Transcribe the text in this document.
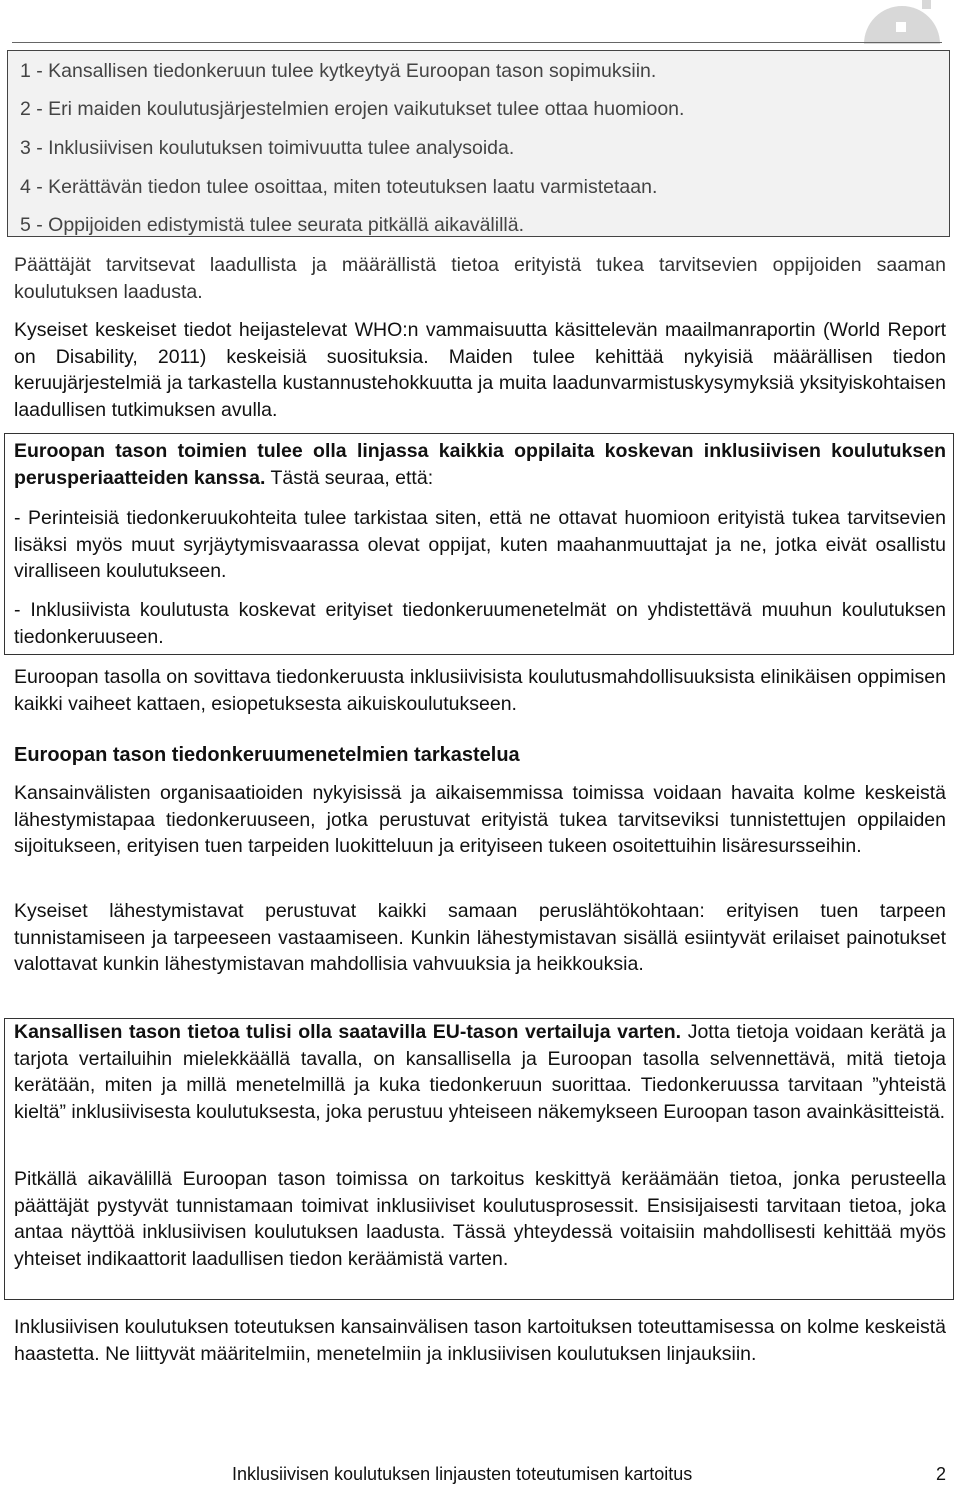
1 - Kansallisen tiedonkeruun tulee kytkeytyä Euroopan tason sopimuksiin.
2 - Eri maiden koulutusjärjestelmien erojen vaikutukset tulee ottaa huomioon.
3 - Inklusiivisen koulutuksen toimivuutta tulee analysoida.
4 - Kerättävän tiedon tulee osoittaa, miten toteutuksen laatu varmistetaan.
5 - Oppijoiden edistymistä tulee seurata pitkällä aikavälillä.

Päättäjät tarvitsevat laadullista ja määrällistä tietoa erityistä tukea tarvitsevien oppijoiden saaman koulutuksen laadusta.

Kyseiset keskeiset tiedot heijastelevat WHO:n vammaisuutta käsittelevän maailmanraportin (World Report on Disability, 2011) keskeisiä suosituksia. Maiden tulee kehittää nykyisiä määrällisen tiedon keruujärjestelmiä ja tarkastella kustannustehokkuutta ja muita laadunvarmistuskysymyksiä yksityiskohtaisen laadullisen tutkimuksen avulla.

Euroopan tason toimien tulee olla linjassa kaikkia oppilaita koskevan inklusiivisen koulutuksen perusperiaatteiden kanssa. Tästä seuraa, että:

- Perinteisiä tiedonkeruukohteita tulee tarkistaa siten, että ne ottavat huomioon erityistä tukea tarvitsevien lisäksi myös muut syrjäytymisvaarassa olevat oppijat, kuten maahanmuuttajat ja ne, jotka eivät osallistu viralliseen koulutukseen.

- Inklusiivista koulutusta koskevat erityiset tiedonkeruumenetelmät on yhdistettävä muuhun koulutuksen tiedonkeruuseen.

Euroopan tasolla on sovittava tiedonkeruusta inklusiivisista koulutusmahdollisuuksista elinikäisen oppimisen kaikki vaiheet kattaen, esiopetuksesta aikuiskoulutukseen.

Euroopan tason tiedonkeruumenetelmien tarkastelua

Kansainvälisten organisaatioiden nykyisissä ja aikaisemmissa toimissa voidaan havaita kolme keskeistä lähestymistapaa tiedonkeruuseen, jotka perustuvat erityistä tukea tarvitseviksi tunnistettujen oppilaiden sijoitukseen, erityisen tuen tarpeiden luokitteluun ja erityiseen tukeen osoitettuihin lisäresursseihin.

Kyseiset lähestymistavat perustuvat kaikki samaan peruslähtökohtaan: erityisen tuen tarpeen tunnistamiseen ja tarpeeseen vastaamiseen. Kunkin lähestymistavan sisällä esiintyvät erilaiset painotukset valottavat kunkin lähestymistavan mahdollisia vahvuuksia ja heikkouksia.

Kansallisen tason tietoa tulisi olla saatavilla EU-tason vertailuja varten. Jotta tietoja voidaan kerätä ja tarjota vertailuihin mielekkäällä tavalla, on kansallisella ja Euroopan tasolla selvennettävä, mitä tietoja kerätään, miten ja millä menetelmillä ja kuka tiedonkeruun suorittaa. Tiedonkeruussa tarvitaan ”yhteistä kieltä” inklusiivisesta koulutuksesta, joka perustuu yhteiseen näkemykseen Euroopan tason avainkäsitteistä.

Pitkällä aikavälillä Euroopan tason toimissa on tarkoitus keskittyä keräämään tietoa, jonka perusteella päättäjät pystyvät tunnistamaan toimivat inklusiiviset koulutusprosessit. Ensisijaisesti tarvitaan tietoa, joka antaa näyttöä inklusiivisen koulutuksen laadusta. Tässä yhteydessä voitaisiin mahdollisesti kehittää myös yhteiset indikaattorit laadullisen tiedon keräämistä varten.

Inklusiivisen koulutuksen toteutuksen kansainvälisen tason kartoituksen toteuttamisessa on kolme keskeistä haastetta. Ne liittyvät määritelmiin, menetelmiin ja inklusiivisen koulutuksen linjauksiin.

Inklusiivisen koulutuksen linjausten toteutumisen kartoitus	2
